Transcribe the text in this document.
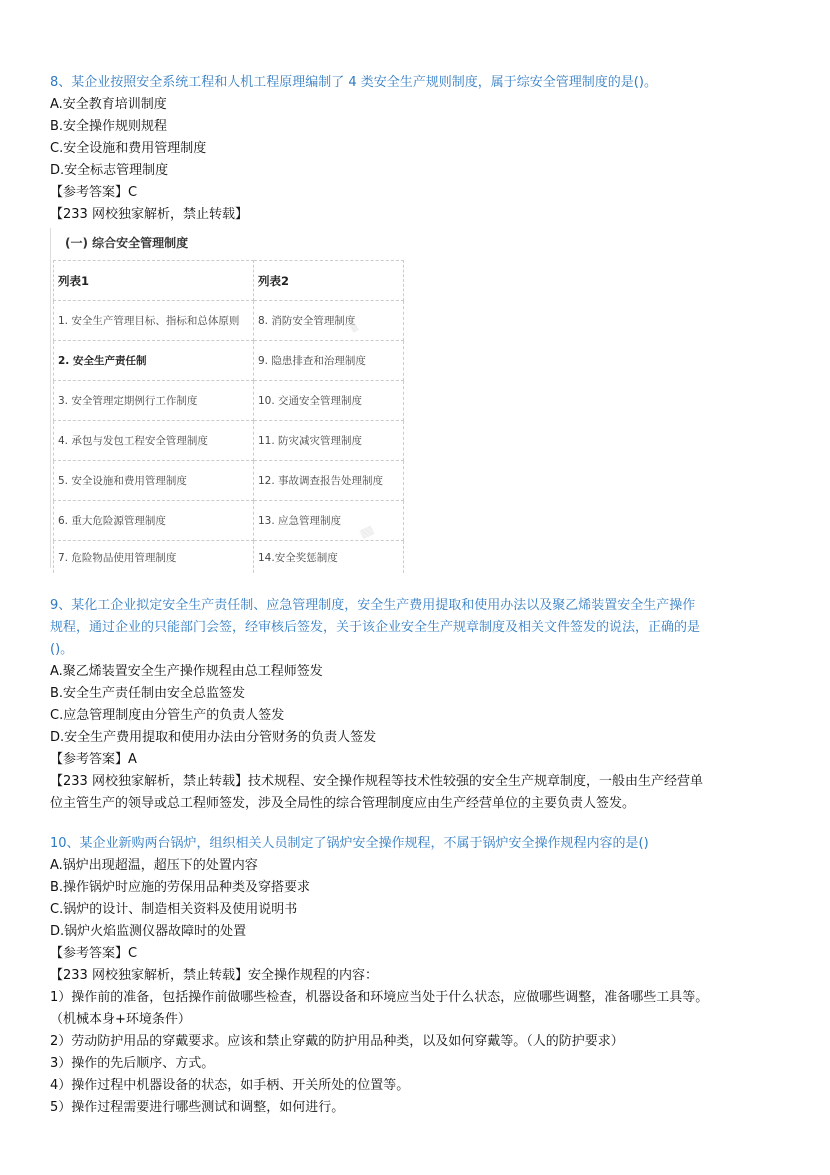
8、某企业按照安全系统工程和人机工程原理编制了 4 类安全生产规则制度，属于综安全管理制度的是()。
A.安全教育培训制度
B.安全操作规则规程
C.安全设施和费用管理制度
D.安全标志管理制度
【参考答案】C
【233 网校独家解析，禁止转载】
(一) 综合安全管理制度
列表1	列表2
1. 安全生产管理目标、指标和总体原则	8. 消防安全管理制度
2. 安全生产责任制	9. 隐患排查和治理制度
3. 安全管理定期例行工作制度	10. 交通安全管理制度
4. 承包与发包工程安全管理制度	11. 防灾减灾管理制度
5. 安全设施和费用管理制度	12. 事故调查报告处理制度
6. 重大危险源管理制度	13. 应急管理制度
7. 危险物品使用管理制度	14.安全奖惩制度
▒
▒▒
9、某化工企业拟定安全生产责任制、应急管理制度，安全生产费用提取和使用办法以及聚乙烯装置安全生产操作
规程，通过企业的只能部门会签，经审核后签发，关于该企业安全生产规章制度及相关文件签发的说法，正确的是
()。
A.聚乙烯装置安全生产操作规程由总工程师签发
B.安全生产责任制由安全总监签发
C.应急管理制度由分管生产的负责人签发
D.安全生产费用提取和使用办法由分管财务的负责人签发
【参考答案】A
【233 网校独家解析，禁止转载】技术规程、安全操作规程等技术性较强的安全生产规章制度，一般由生产经营单
位主管生产的领导或总工程师签发，涉及全局性的综合管理制度应由生产经营单位的主要负责人签发。
10、某企业新购两台锅炉，组织相关人员制定了锅炉安全操作规程，不属于锅炉安全操作规程内容的是()
A.锅炉出现超温，超压下的处置内容
B.操作锅炉时应施的劳保用品种类及穿搭要求
C.锅炉的设计、制造相关资料及使用说明书
D.锅炉火焰监测仪器故障时的处置
【参考答案】C
【233 网校独家解析，禁止转载】安全操作规程的内容：
1）操作前的准备，包括操作前做哪些检查，机器设备和环境应当处于什么状态，应做哪些调整，准备哪些工具等。
（机械本身+环境条件）
2）劳动防护用品的穿戴要求。应该和禁止穿戴的防护用品种类，以及如何穿戴等。（人的防护要求）
3）操作的先后顺序、方式。
4）操作过程中机器设备的状态，如手柄、开关所处的位置等。
5）操作过程需要进行哪些测试和调整，如何进行。
